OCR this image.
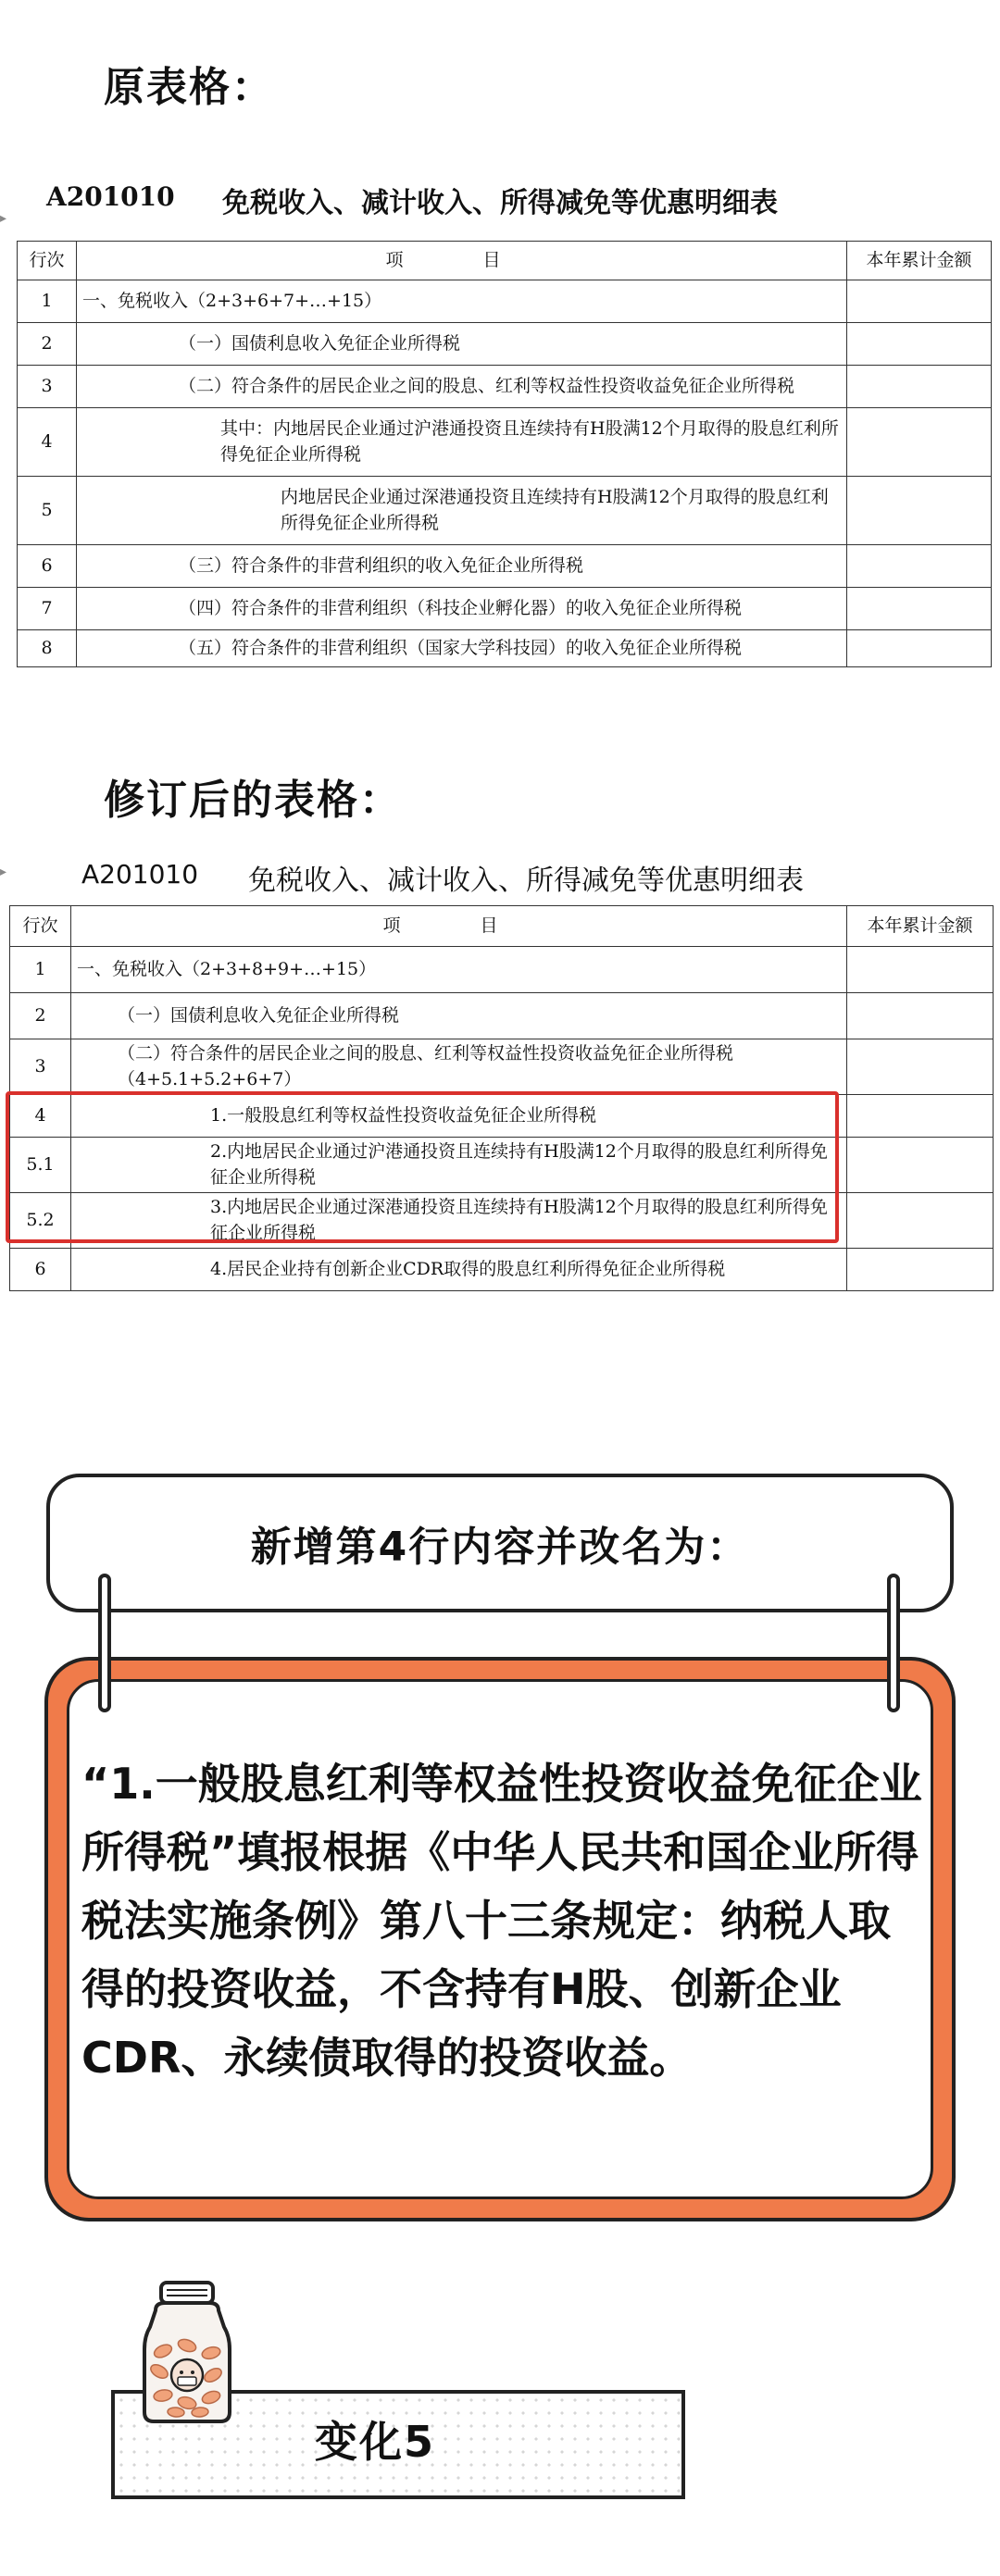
原表格：
▸
A201010 免税收入、减计收入、所得减免等优惠明细表
行次	项 目	本年累计金额
1	一、免税收入（2+3+6+7+…+15）	
2	（一）国债利息收入免征企业所得税	
3	（二）符合条件的居民企业之间的股息、红利等权益性投资收益免征企业所得税	
4	其中：内地居民企业通过沪港通投资且连续持有H股满12个月取得的股息红利所得免征企业所得税	
5	内地居民企业通过深港通投资且连续持有H股满12个月取得的股息红利所得免征企业所得税	
6	（三）符合条件的非营利组织的收入免征企业所得税	
7	（四）符合条件的非营利组织（科技企业孵化器）的收入免征企业所得税	
8	（五）符合条件的非营利组织（国家大学科技园）的收入免征企业所得税	
修订后的表格：
▸	A201010 免税收入、减计收入、所得减免等优惠明细表
行次	项 目	本年累计金额
1	一、免税收入（2+3+8+9+…+15）	
2	（一）国债利息收入免征企业所得税	
3	（二）符合条件的居民企业之间的股息、红利等权益性投资收益免征企业所得税（4+5.1+5.2+6+7）	
4	1.一般股息红利等权益性投资收益免征企业所得税	
5.1	2.内地居民企业通过沪港通投资且连续持有H股满12个月取得的股息红利所得免征企业所得税	
5.2	3.内地居民企业通过深港通投资且连续持有H股满12个月取得的股息红利所得免征企业所得税	
6	4.居民企业持有创新企业CDR取得的股息红利所得免征企业所得税	
新增第4行内容并改名为：
“1.一般股息红利等权益性投资收益免征企业所得税”填报根据《中华人民共和国企业所得税法实施条例》第八十三条规定：纳税人取得的投资收益，不含持有H股、创新企业CDR、永续债取得的投资收益。
变化5
